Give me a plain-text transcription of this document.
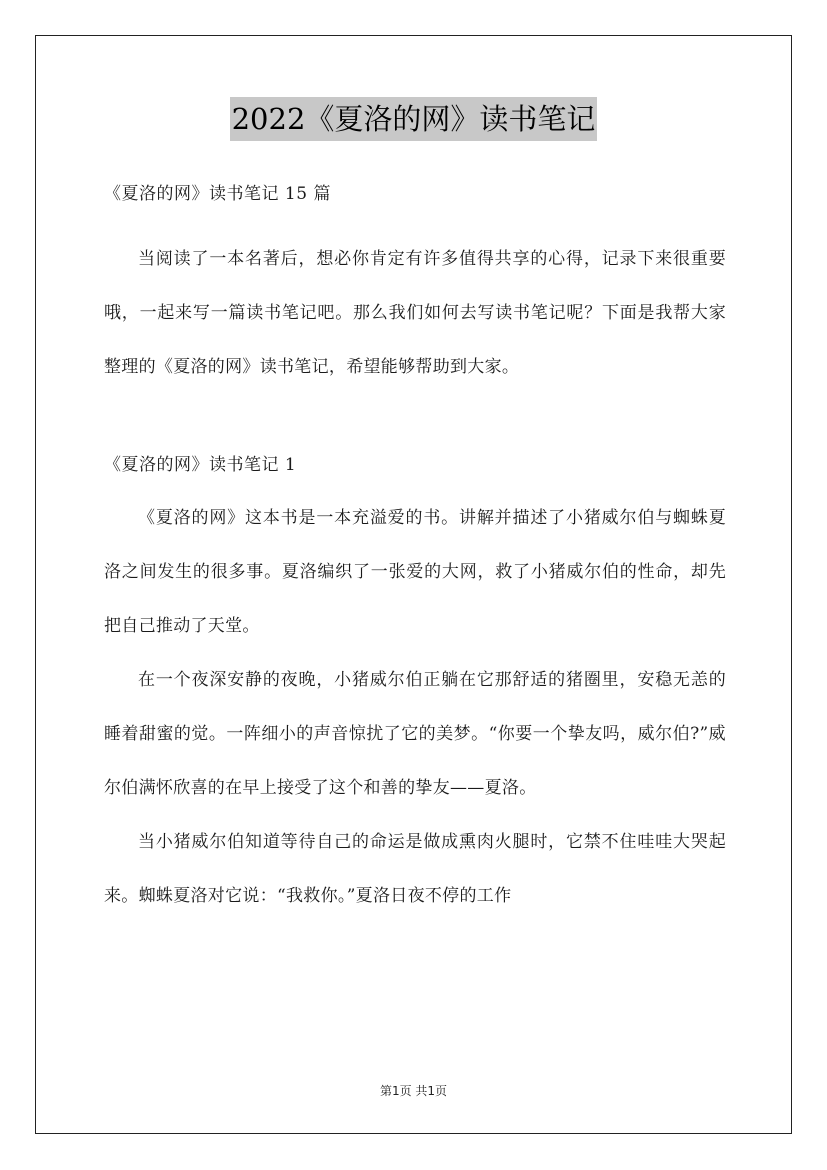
2022《夏洛的网》读书笔记

《夏洛的网》读书笔记 15 篇

当阅读了一本名著后，想必你肯定有许多值得共享的心得，记录下来很重要哦，一起来写一篇读书笔记吧。那么我们如何去写读书笔记呢？下面是我帮大家整理的《夏洛的网》读书笔记，希望能够帮助到大家。

《夏洛的网》读书笔记 1

《夏洛的网》这本书是一本充溢爱的书。讲解并描述了小猪威尔伯与蜘蛛夏洛之间发生的很多事。夏洛编织了一张爱的大网，救了小猪威尔伯的性命，却先把自己推动了天堂。

在一个夜深安静的夜晚，小猪威尔伯正躺在它那舒适的猪圈里，安稳无恙的睡着甜蜜的觉。一阵细小的声音惊扰了它的美梦。“你要一个挚友吗，威尔伯?”威尔伯满怀欣喜的在早上接受了这个和善的挚友——夏洛。

当小猪威尔伯知道等待自己的命运是做成熏肉火腿时，它禁不住哇哇大哭起来。蜘蛛夏洛对它说：“我救你。”夏洛日夜不停的工作

第1页 共1页
